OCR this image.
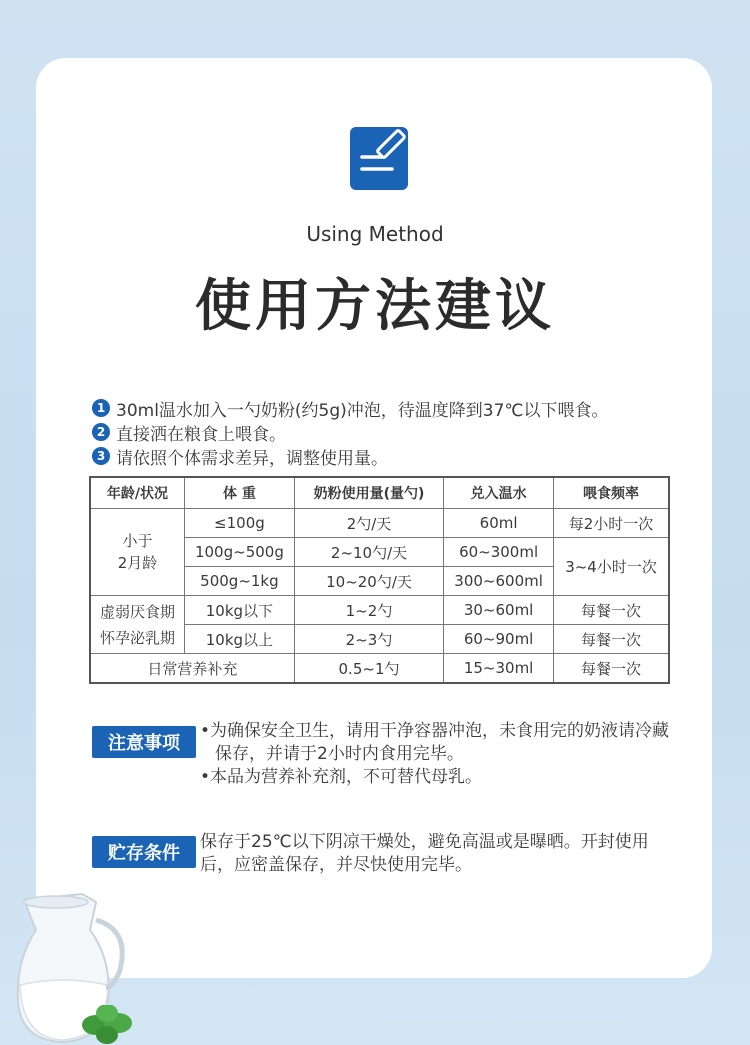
Using Method
使用方法建议
1 30ml温水加入一勺奶粉(约5g)冲泡，待温度降到37℃以下喂食。
2 直接洒在粮食上喂食。
3 请依照个体需求差异，调整使用量。
年龄/状况	体 重	奶粉使用量(量勺)	兑入温水	喂食频率
小于
2月龄	≤100g	2勺/天	60ml	每2小时一次
	100g~500g	2~10勺/天	60~300ml	3~4小时一次
	500g~1kg	10~20勺/天	300~600ml	
虚弱厌食期
怀孕泌乳期	10kg以下	1~2勺	30~60ml	每餐一次
	10kg以上	2~3勺	60~90ml	每餐一次
日常营养补充		0.5~1勺	15~30ml	每餐一次
注意事项
•为确保安全卫生，请用干净容器冲泡，未食用完的奶液请冷藏保存，并请于2小时内食用完毕。
•本品为营养补充剂，不可替代母乳。
贮存条件
保存于25℃以下阴凉干燥处，避免高温或是曝晒。开封使用后，应密盖保存，并尽快使用完毕。
